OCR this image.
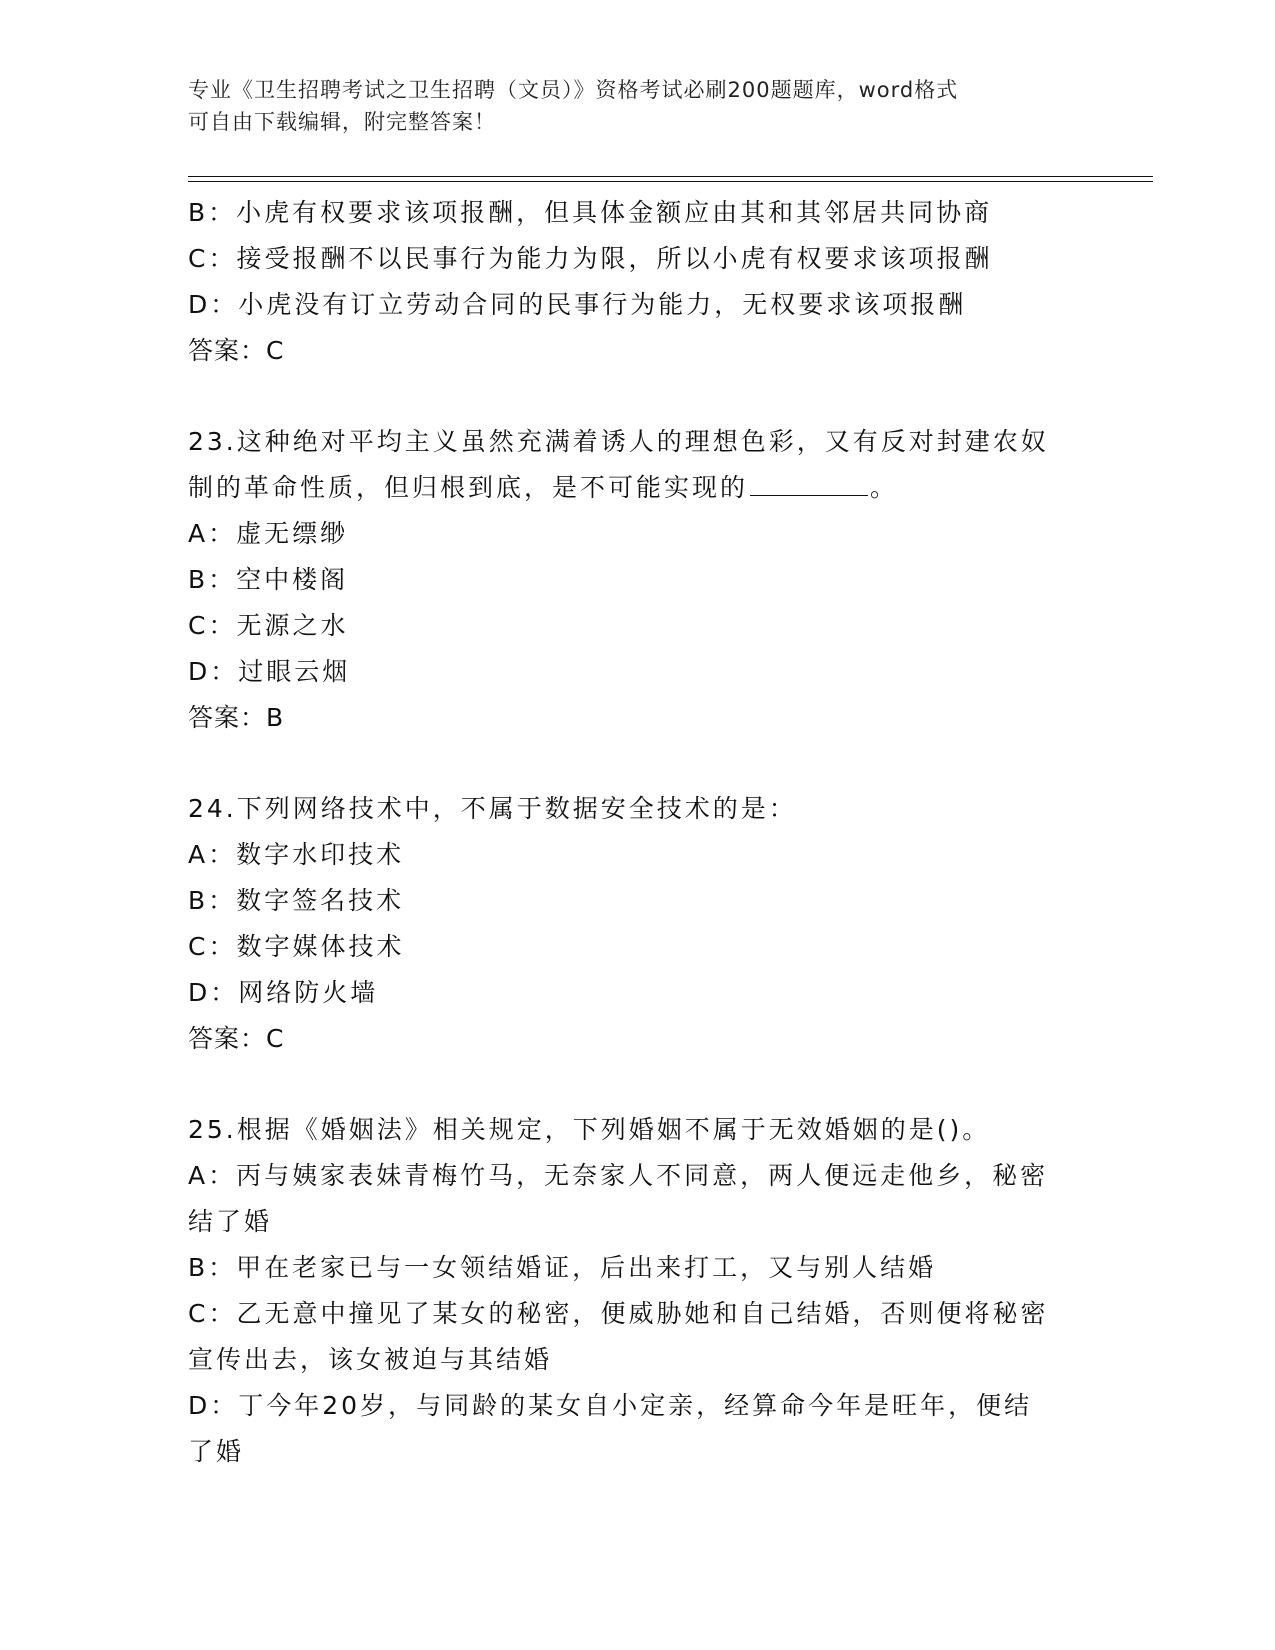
专业《卫生招聘考试之卫生招聘（文员）》资格考试必刷200题题库，word格式
可自由下载编辑，附完整答案！
B：小虎有权要求该项报酬，但具体金额应由其和其邻居共同协商
C：接受报酬不以民事行为能力为限，所以小虎有权要求该项报酬
D：小虎没有订立劳动合同的民事行为能力，无权要求该项报酬
答案：C
23.这种绝对平均主义虽然充满着诱人的理想色彩，又有反对封建农奴
制的革命性质，但归根到底，是不可能实现的	。
A：虚无缥缈
B：空中楼阁
C：无源之水
D：过眼云烟
答案：B
24.下列网络技术中，不属于数据安全技术的是：
A：数字水印技术
B：数字签名技术
C：数字媒体技术
D：网络防火墙
答案：C
25.根据《婚姻法》相关规定，下列婚姻不属于无效婚姻的是()。
A：丙与姨家表妹青梅竹马，无奈家人不同意，两人便远走他乡，秘密
结了婚
B：甲在老家已与一女领结婚证，后出来打工，又与别人结婚
C：乙无意中撞见了某女的秘密，便威胁她和自己结婚，否则便将秘密
宣传出去，该女被迫与其结婚
D：丁今年20岁，与同龄的某女自小定亲，经算命今年是旺年，便结
了婚
